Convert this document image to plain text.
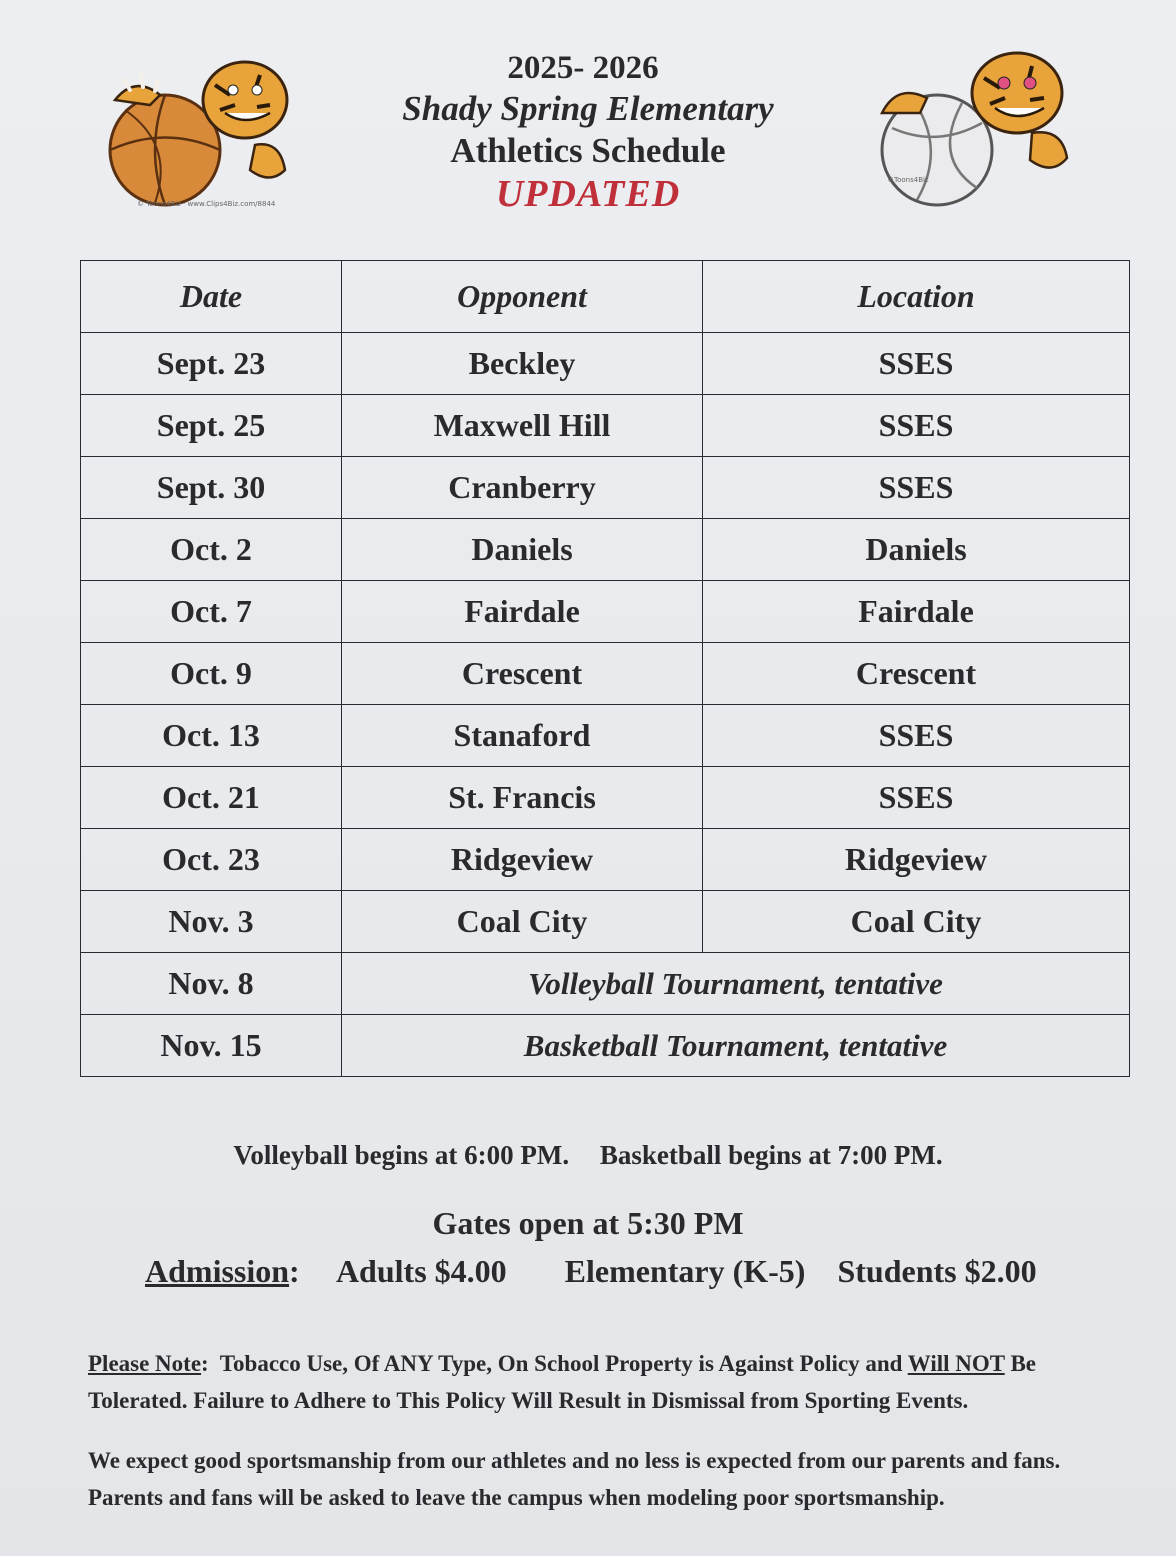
© Toons4Biz · www.Clips4Biz.com/8844
©Toons4Biz
2025- 2026
Shady Spring Elementary
Athletics Schedule
UPDATED
Date	Opponent	Location
Sept. 23	Beckley	SSES
Sept. 25	Maxwell Hill	SSES
Sept. 30	Cranberry	SSES
Oct. 2	Daniels	Daniels
Oct. 7	Fairdale	Fairdale
Oct. 9	Crescent	Crescent
Oct. 13	Stanaford	SSES
Oct. 21	St. Francis	SSES
Oct. 23	Ridgeview	Ridgeview
Nov. 3	Coal City	Coal City
Nov. 8	Volleyball Tournament, tentative	
Nov. 15	Basketball Tournament, tentative	
Volleyball begins at 6:00 PM. Basketball begins at 7:00 PM.
Gates open at 5:30 PM
Admission: Adults $4.00 Elementary (K-5) Students $2.00
Please Note:  Tobacco Use, Of ANY Type, On School Property is Against Policy and Will NOT Be Tolerated. Failure to Adhere to This Policy Will Result in Dismissal from Sporting Events.
We expect good sportsmanship from our athletes and no less is expected from our parents and fans. Parents and fans will be asked to leave the campus when modeling poor sportsmanship.
